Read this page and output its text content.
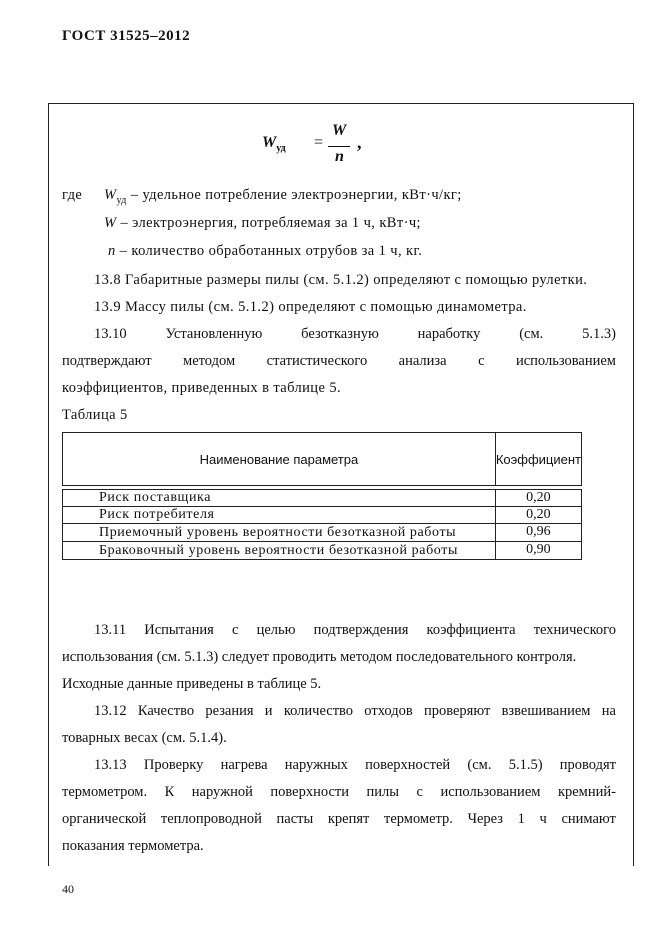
ГОСТ 31525–2012
$W_{уд}$ =
W
n
,
где $W_{уд}$ – удельное потребление электроэнергии, кВт·ч/кг;
W – электроэнергия, потребляемая за 1 ч, кВт·ч;
n – количество обработанных отрубов за 1 ч, кг.
13.8 Габаритные размеры пилы (см. 5.1.2) определяют с помощью рулетки.
13.9 Массу пилы (см. 5.1.2) определяют с помощью динамометра.
13.10	Установленную	безотказную	наработку	(см.	5.1.3)
подтверждают методом статистического анализа с использованием
коэффициентов, приведенных в таблице 5.
Таблица 5
Наименование параметра	Коэффициент

Риск поставщика	0,20
Риск потребителя	0,20
Приемочный уровень вероятности безотказной работы	0,96
Браковочный уровень вероятности безотказной работы	0,90
13.11 Испытания с целью подтверждения коэффициента технического
использования (см. 5.1.3) следует проводить методом последовательного контроля.
Исходные данные приведены в таблице 5.
13.12 Качество резания и количество отходов проверяют взвешиванием на
товарных весах (см. 5.1.4).
13.13 Проверку нагрева наружных поверхностей (см. 5.1.5) проводят
термометром. К наружной поверхности пилы с использованием кремний-
органической теплопроводной пасты крепят термометр. Через 1 ч снимают
показания термометра.
40
